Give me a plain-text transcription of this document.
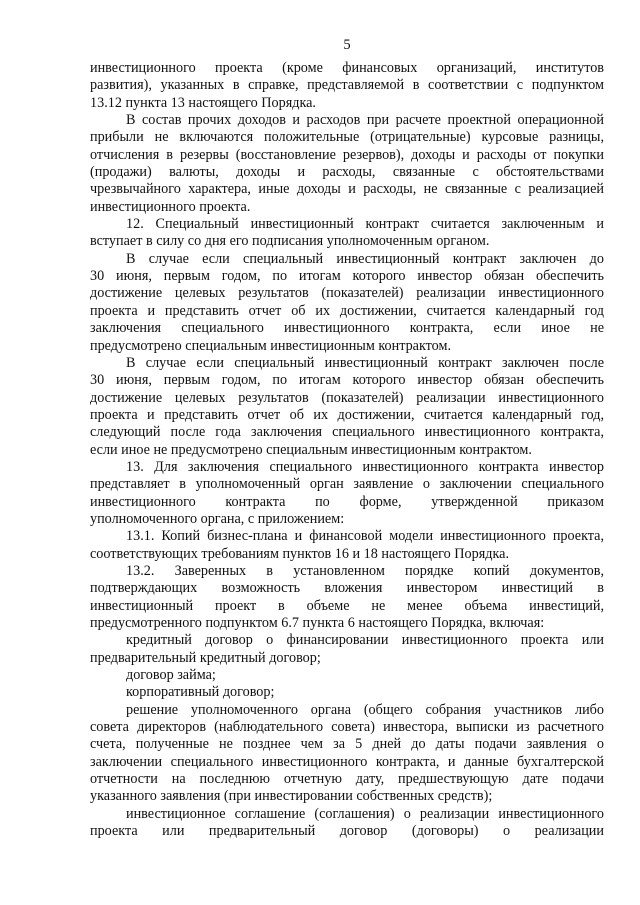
5
инвестиционного проекта (кроме финансовых организаций, институтов
развития), указанных в справке, представляемой в соответствии с подпунктом
13.12 пункта 13 настоящего Порядка.
В состав прочих доходов и расходов при расчете проектной операционной
прибыли не включаются положительные (отрицательные) курсовые разницы,
отчисления в резервы (восстановление резервов), доходы и расходы от покупки
(продажи) валюты, доходы и расходы, связанные с обстоятельствами
чрезвычайного характера, иные доходы и расходы, не связанные с реализацией
инвестиционного проекта.
12. Специальный инвестиционный контракт считается заключенным и
вступает в силу со дня его подписания уполномоченным органом.
В случае если специальный инвестиционный контракт заключен до
30 июня, первым годом, по итогам которого инвестор обязан обеспечить
достижение целевых результатов (показателей) реализации инвестиционного
проекта и представить отчет об их достижении, считается календарный год
заключения специального инвестиционного контракта, если иное не
предусмотрено специальным инвестиционным контрактом.
В случае если специальный инвестиционный контракт заключен после
30 июня, первым годом, по итогам которого инвестор обязан обеспечить
достижение целевых результатов (показателей) реализации инвестиционного
проекта и представить отчет об их достижении, считается календарный год,
следующий после года заключения специального инвестиционного контракта,
если иное не предусмотрено специальным инвестиционным контрактом.
13. Для заключения специального инвестиционного контракта инвестор
представляет в уполномоченный орган заявление о заключении специального
инвестиционного контракта по форме, утвержденной приказом
уполномоченного органа, с приложением:
13.1. Копий бизнес-плана и финансовой модели инвестиционного проекта,
соответствующих требованиям пунктов 16 и 18 настоящего Порядка.
13.2. Заверенных в установленном порядке копий документов,
подтверждающих возможность вложения инвестором инвестиций в
инвестиционный проект в объеме не менее объема инвестиций,
предусмотренного подпунктом 6.7 пункта 6 настоящего Порядка, включая:
кредитный договор о финансировании инвестиционного проекта или
предварительный кредитный договор;
договор займа;
корпоративный договор;
решение уполномоченного органа (общего собрания участников либо
совета директоров (наблюдательного совета) инвестора, выписки из расчетного
счета, полученные не позднее чем за 5 дней до даты подачи заявления о
заключении специального инвестиционного контракта, и данные бухгалтерской
отчетности на последнюю отчетную дату, предшествующую дате подачи
указанного заявления (при инвестировании собственных средств);
инвестиционное соглашение (соглашения) о реализации инвестиционного
проекта или предварительный договор (договоры) о реализации
